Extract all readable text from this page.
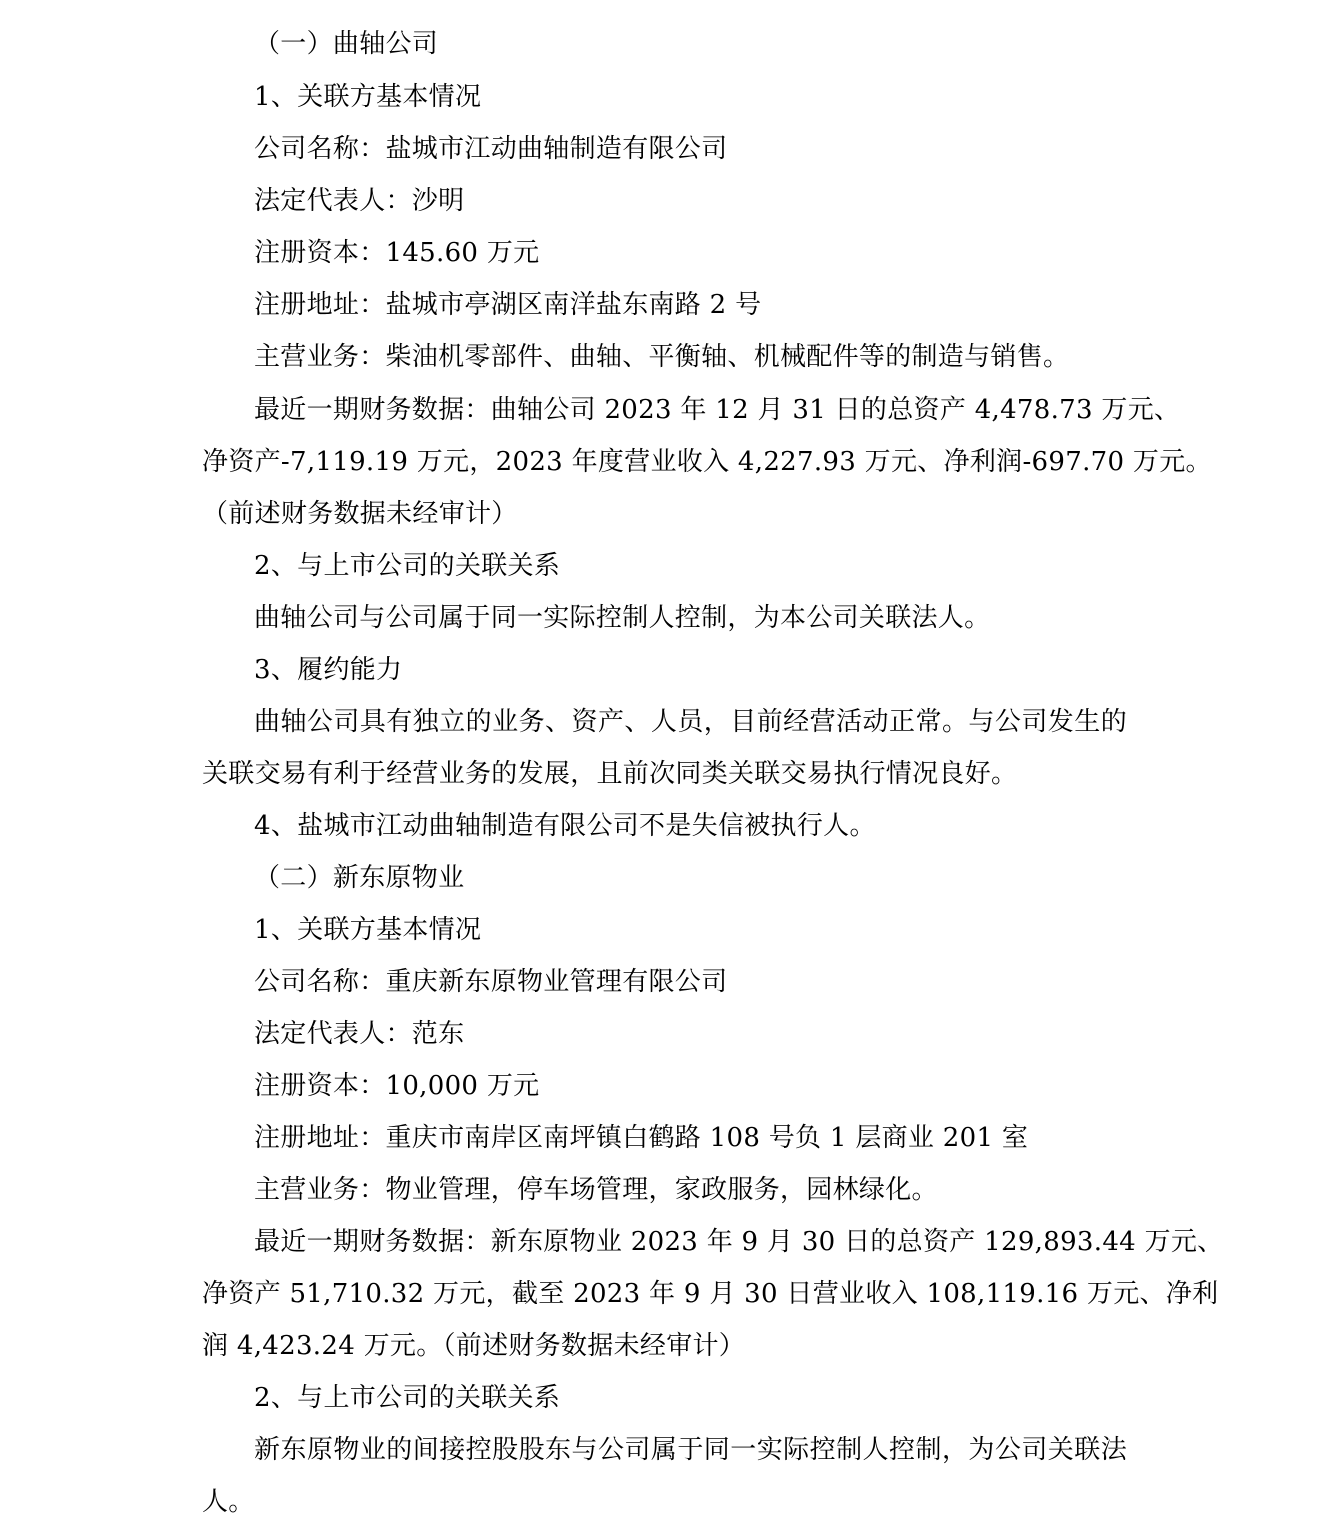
（一）曲轴公司
1、关联方基本情况
公司名称：盐城市江动曲轴制造有限公司
法定代表人：沙明
注册资本：145.60 万元
注册地址：盐城市亭湖区南洋盐东南路 2 号
主营业务：柴油机零部件、曲轴、平衡轴、机械配件等的制造与销售。
最近一期财务数据：曲轴公司 2023 年 12 月 31 日的总资产 4,478.73 万元、
净资产-7,119.19 万元，2023 年度营业收入 4,227.93 万元、净利润-697.70 万元。
（前述财务数据未经审计）
2、与上市公司的关联关系
曲轴公司与公司属于同一实际控制人控制，为本公司关联法人。
3、履约能力
曲轴公司具有独立的业务、资产、人员，目前经营活动正常。与公司发生的
关联交易有利于经营业务的发展，且前次同类关联交易执行情况良好。
4、盐城市江动曲轴制造有限公司不是失信被执行人。
（二）新东原物业
1、关联方基本情况
公司名称：重庆新东原物业管理有限公司
法定代表人：范东
注册资本：10,000 万元
注册地址：重庆市南岸区南坪镇白鹤路 108 号负 1 层商业 201 室
主营业务：物业管理，停车场管理，家政服务，园林绿化。
最近一期财务数据：新东原物业 2023 年 9 月 30 日的总资产 129,893.44 万元、
净资产 51,710.32 万元，截至 2023 年 9 月 30 日营业收入 108,119.16 万元、净利
润 4,423.24 万元。（前述财务数据未经审计）
2、与上市公司的关联关系
新东原物业的间接控股股东与公司属于同一实际控制人控制，为公司关联法
人。
